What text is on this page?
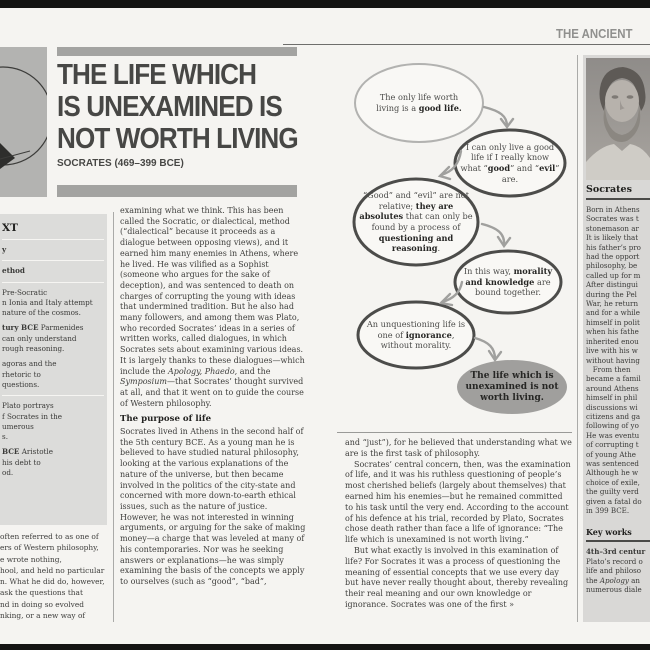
THE ANCIENT
THE LIFE WHICH
IS UNEXAMINED IS
NOT WORTH LIVING
SOCRATES (469–399 BCE)
XT
y
ethod
Pre-Socratic
n Ionia and Italy attempt
nature of the cosmos.
tury BCE Parmenides
can only understand
rough reasoning.
agoras and the
rhetoric to
questions.
Plato portrays
f Socrates in the
umerous
s.
BCE Aristotle
his debt to
od.
often referred to as one of
ers of Western philosophy,
e wrote nothing,
hool, and held no particular
n. What he did do, however,
ask the questions that
nd in doing so evolved
nking, or a new way of

examining what we think. This has been called the Socratic, or dialectical, method (“dialectical” because it proceeds as a dialogue between opposing views), and it earned him many enemies in Athens, where he lived. He was vilified as a Sophist (someone who argues for the sake of deception), and was sentenced to death on charges of corrupting the young with ideas that undermined tradition. But he also had many followers, and among them was Plato, who recorded Socrates’ ideas in a series of written works, called dialogues, in which Socrates sets about examining various ideas. It is largely thanks to these dialogues—which include the Apology, Phaedo, and the Symposium—that Socrates’ thought survived at all, and that it went on to guide the course of Western philosophy.

The purpose of life

Socrates lived in Athens in the second half of the 5th century BCE. As a young man he is believed to have studied natural philosophy, looking at the various explanations of the nature of the universe, but then became involved in the politics of the city-state and concerned with more down-to-earth ethical issues, such as the nature of justice. However, he was not interested in winning arguments, or arguing for the sake of making money—a charge that was leveled at many of his contemporaries. Nor was he seeking answers or explanations—he was simply examining the basis of the concepts we apply to ourselves (such as “good”, “bad”,

The only life worth living is a good life.
I can only live a good life if I really know what “good” and “evil” are.
“Good” and “evil” are not relative; they are absolutes that can only be found by a process of questioning and reasoning.
In this way, morality and knowledge are bound together.
An unquestioning life is one of ignorance, without morality.
The life which is unexamined is not worth living.

and “just”), for he believed that understanding what we are is the first task of philosophy.

Socrates’ central concern, then, was the examination of life, and it was his ruthless questioning of people’s most cherished beliefs (largely about themselves) that earned him his enemies—but he remained committed to his task until the very end. According to the account of his defence at his trial, recorded by Plato, Socrates chose death rather than face a life of ignorance: “The life which is unexamined is not worth living.”

But what exactly is involved in this examination of life? For Socrates it was a process of questioning the meaning of essential concepts that we use every day but have never really thought about, thereby revealing their real meaning and our own knowledge or ignorance. Socrates was one of the first »

Socrates
Born in Athens
Socrates was t
stonemason ar
It is likely that
his father’s pro
had the opport
philosophy, be
called up for m
After distingui
during the Pel
War, he return
and for a while
himself in polit
when his fathe
inherited enou
live with his w
without having
From then
became a famil
around Athens
himself in phil
discussions wi
citizens and ga
following of yo
He was eventu
of corrupting t
of young Athe
was sentenced
Although he w
choice of exile,
the guilty verd
given a fatal do
in 399 BCE.
Key works
4th–3rd centur
Plato’s record o
life and philoso
the Apology an
numerous diale
